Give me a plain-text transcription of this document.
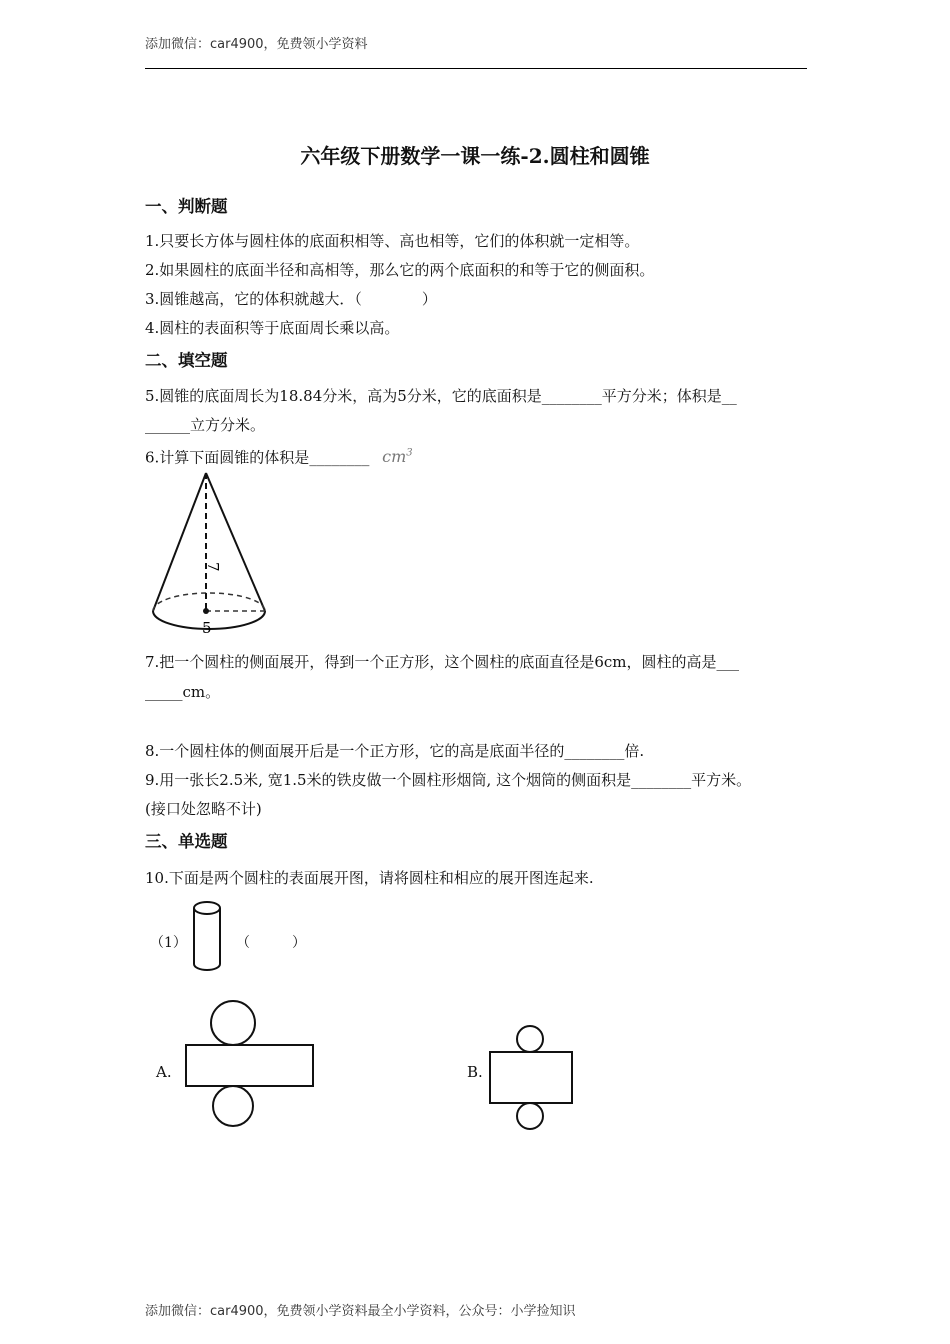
添加微信：car4900，免费领小学资料
六年级下册数学一课一练-2.圆柱和圆锥
一、判断题
1.只要长方体与圆柱体的底面积相等、高也相等，它们的体积就一定相等。
2.如果圆柱的底面半径和高相等，那么它的两个底面积的和等于它的侧面积。
3.圆锥越高，它的体积就越大．（　　　　）
4.圆柱的表面积等于底面周长乘以高。
二、填空题
5.圆锥的底面周长为18.84分米，高为5分米，它的底面积是________平方分米；体积是__
______立方分米。
6.计算下面圆锥的体积是________ $cm^3$
7
5
7.把一个圆柱的侧面展开，得到一个正方形，这个圆柱的底面直径是6cm，圆柱的高是___
_____cm。
8.一个圆柱体的侧面展开后是一个正方形，它的高是底面半径的________倍.
9.用一张长2.5米, 宽1.5米的铁皮做一个圆柱形烟筒, 这个烟筒的侧面积是________平方米。
(接口处忽略不计)
三、单选题
10.下面是两个圆柱的表面展开图，请将圆柱和相应的展开图连起来.
（1）	（　　　）
A.	B.
添加微信：car4900，免费领小学资料最全小学资料，公众号：小学捡知识
